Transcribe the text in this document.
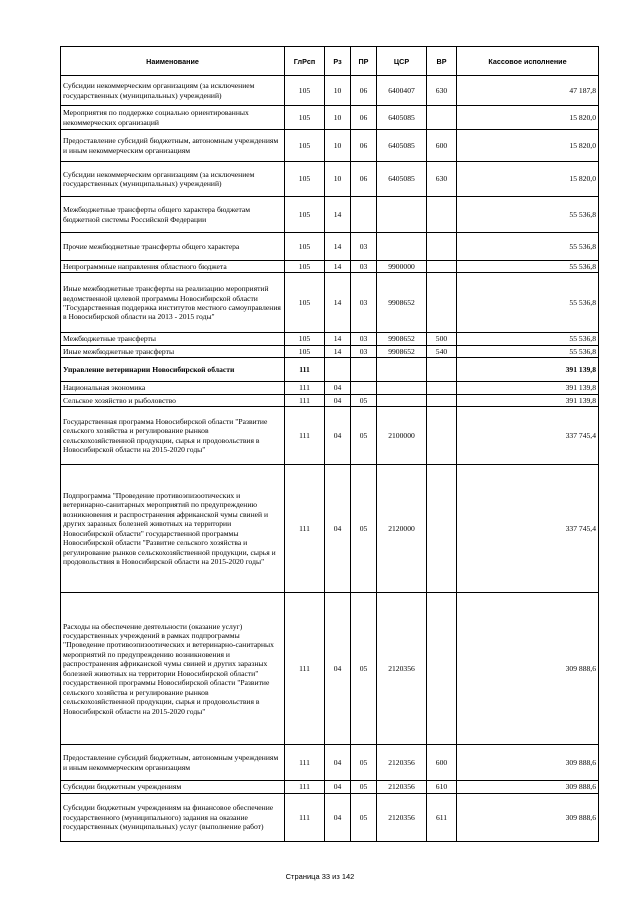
Наименование	ГлРсп	Рз	ПР	ЦСР	ВР	Кассовое исполнение
Субсидии некоммерческим организациям (за исключением государственных (муниципальных) учреждений)	105	10	06	6400407	630	47 187,8
Мероприятия по поддержке социально ориентированных некоммерческих организаций	105	10	06	6405085		15 820,0
Предоставление субсидий бюджетным, автономным учреждениям и иным некоммерческим организациям	105	10	06	6405085	600	15 820,0
Субсидии некоммерческим организациям (за исключением государственных (муниципальных) учреждений)	105	10	06	6405085	630	15 820,0
Межбюджетные трансферты общего характера бюджетам бюджетной системы Российской Федерации	105	14				55 536,8
Прочие межбюджетные трансферты общего характера	105	14	03			55 536,8
Непрограммные направления областного бюджета	105	14	03	9900000		55 536,8
Иные межбюджетные трансферты на реализацию мероприятий ведомственной целевой программы Новосибирской области "Государственная поддержка институтов местного самоуправления в Новосибирской области на 2013 - 2015 годы"	105	14	03	9908652		55 536,8
Межбюджетные трансферты	105	14	03	9908652	500	55 536,8
Иные межбюджетные трансферты	105	14	03	9908652	540	55 536,8
Управление ветеринарии Новосибирской области	111					391 139,8
Национальная экономика	111	04				391 139,8
Сельское хозяйство и рыболовство	111	04	05			391 139,8
Государственная программа Новосибирской области "Развитие сельского хозяйства и регулирование рынков сельскохозяйственной продукции, сырья и продовольствия в Новосибирской области на 2015-2020 годы"	111	04	05	2100000		337 745,4
Подпрограмма "Проведение противоэпизоотических и ветеринарно-санитарных мероприятий по предупреждению возникновения и распространения африканской чумы свиней и других заразных болезней животных на территории Новосибирской области" государственной программы Новосибирской области "Развитие сельского хозяйства и регулирование рынков сельскохозяйственной продукции, сырья и продовольствия в Новосибирской области на 2015-2020 годы"	111	04	05	2120000		337 745,4
Расходы на обеспечение деятельности (оказание услуг) государственных учреждений в рамках подпрограммы "Проведение противоэпизоотических и ветеринарно-санитарных мероприятий по предупреждению возникновения и распространения африканской чумы свиней и других заразных болезней животных на территории Новосибирской области" государственной программы Новосибирской области "Развитие сельского хозяйства и регулирование рынков сельскохозяйственной продукции, сырья и продовольствия в Новосибирской области на 2015-2020 годы"	111	04	05	2120356		309 888,6
Предоставление субсидий бюджетным, автономным учреждениям и иным некоммерческим организациям	111	04	05	2120356	600	309 888,6
Субсидии бюджетным учреждениям	111	04	05	2120356	610	309 888,6
Субсидии бюджетным учреждениям на финансовое обеспечение государственного (муниципального) задания на оказание государственных (муниципальных) услуг (выполнение работ)	111	04	05	2120356	611	309 888,6
Страница 33 из 142
